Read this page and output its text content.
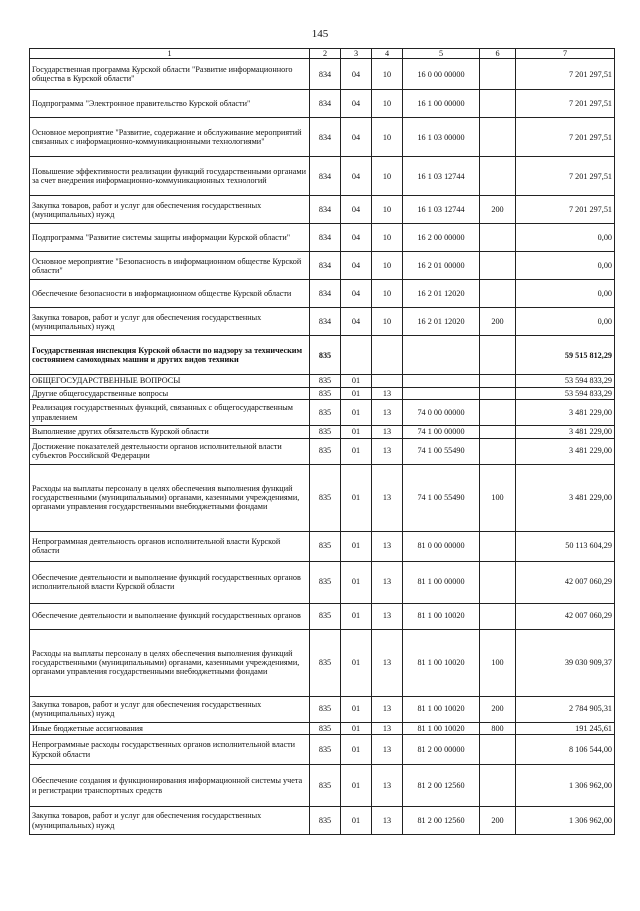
145
1	2	3	4	5	6	7
Государственная программа Курской области "Развитие информационного общества в Курской области"	834	04	10	16 0 00 00000		7 201 297,51
Подпрограмма "Электронное правительство Курской области"	834	04	10	16 1 00 00000		7 201 297,51
Основное мероприятие "Развитие, содержание и обслуживание мероприятий связанных с информационно-коммуникационными технологиями"	834	04	10	16 1 03 00000		7 201 297,51
Повышение эффективности реализации функций государственными органами за счет внедрения информационно-коммуникационных технологий	834	04	10	16 1 03 12744		7 201 297,51
Закупка товаров, работ и услуг для обеспечения государственных (муниципальных) нужд	834	04	10	16 1 03 12744	200	7 201 297,51
Подпрограмма "Развитие системы защиты информации Курской области"	834	04	10	16 2 00 00000		0,00
Основное мероприятие "Безопасность в информационном обществе Курской области"	834	04	10	16 2 01 00000		0,00
Обеспечение безопасности в информационном обществе Курской области	834	04	10	16 2 01 12020		0,00
Закупка товаров, работ и услуг для обеспечения государственных (муниципальных) нужд	834	04	10	16 2 01 12020	200	0,00
Государственная инспекция Курской области по надзору за техническим состоянием самоходных машин и других видов техники	835					59 515 812,29
ОБЩЕГОСУДАРСТВЕННЫЕ ВОПРОСЫ	835	01				53 594 833,29
Другие общегосударственные вопросы	835	01	13			53 594 833,29
Реализация государственных функций, связанных с общегосударственным управлением	835	01	13	74 0 00 00000		3 481 229,00
Выполнение других обязательств Курской области	835	01	13	74 1 00 00000		3 481 229,00
Достижение показателей деятельности органов исполнительной власти субъектов Российской Федерации	835	01	13	74 1 00 55490		3 481 229,00
Расходы на выплаты персоналу в целях обеспечения выполнения функций государственными (муниципальными) органами, казенными учреждениями, органами управления государственными внебюджетными фондами	835	01	13	74 1 00 55490	100	3 481 229,00
Непрограммная деятельность органов исполнительной власти Курской области	835	01	13	81 0 00 00000		50 113 604,29
Обеспечение деятельности и выполнение функций государственных органов исполнительной власти Курской области	835	01	13	81 1 00 00000		42 007 060,29
Обеспечение деятельности и выполнение функций государственных органов	835	01	13	81 1 00 10020		42 007 060,29
Расходы на выплаты персоналу в целях обеспечения выполнения функций государственными (муниципальными) органами, казенными учреждениями, органами управления государственными внебюджетными фондами	835	01	13	81 1 00 10020	100	39 030 909,37
Закупка товаров, работ и услуг для обеспечения государственных (муниципальных) нужд	835	01	13	81 1 00 10020	200	2 784 905,31
Иные бюджетные ассигнования	835	01	13	81 1 00 10020	800	191 245,61
Непрограммные расходы государственных органов исполнительной власти Курской области	835	01	13	81 2 00 00000		8 106 544,00
Обеспечение создания и функционирования информационной системы учета и регистрации транспортных средств	835	01	13	81 2 00 12560		1 306 962,00
Закупка товаров, работ и услуг для обеспечения государственных (муниципальных) нужд	835	01	13	81 2 00 12560	200	1 306 962,00
